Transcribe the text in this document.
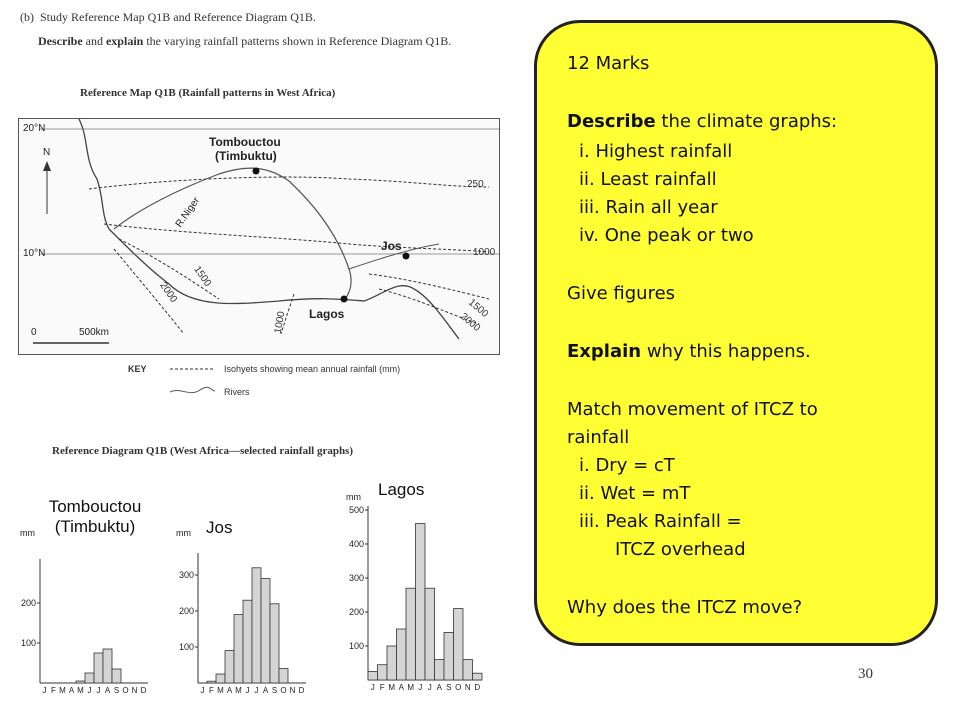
(b) Study Reference Map Q1B and Reference Diagram Q1B.
Describe and explain the varying rainfall patterns shown in Reference Diagram Q1B.
Reference Map Q1B (Rainfall patterns in West Africa)
20°N
10°N
N
0	500km
R.Niger
Tombouctou
(Timbuktu)
Jos
Lagos
250
1000
1500
2000
1500
2000
1000
KEY	Isohyets showing mean annual rainfall (mm)
Rivers
Reference Diagram Q1B (West Africa—selected rainfall graphs)
Tombouctou
(Timbuktu)
mm
100
200
J F M A M J J A S O N D
Jos
mm
100
200
300
J F M A M J J A S O N D
Lagos
mm
100
200
300
400
500
J F M A M J J A S O N D
12 Marks
Describe the climate graphs:
i. Highest rainfall
ii. Least rainfall
iii. Rain all year
iv. One peak or two
Give figures
Explain why this happens.
Match movement of ITCZ to
rainfall
i. Dry = cT
ii. Wet = mT
iii. Peak Rainfall =
ITCZ overhead
Why does the ITCZ move?
30
